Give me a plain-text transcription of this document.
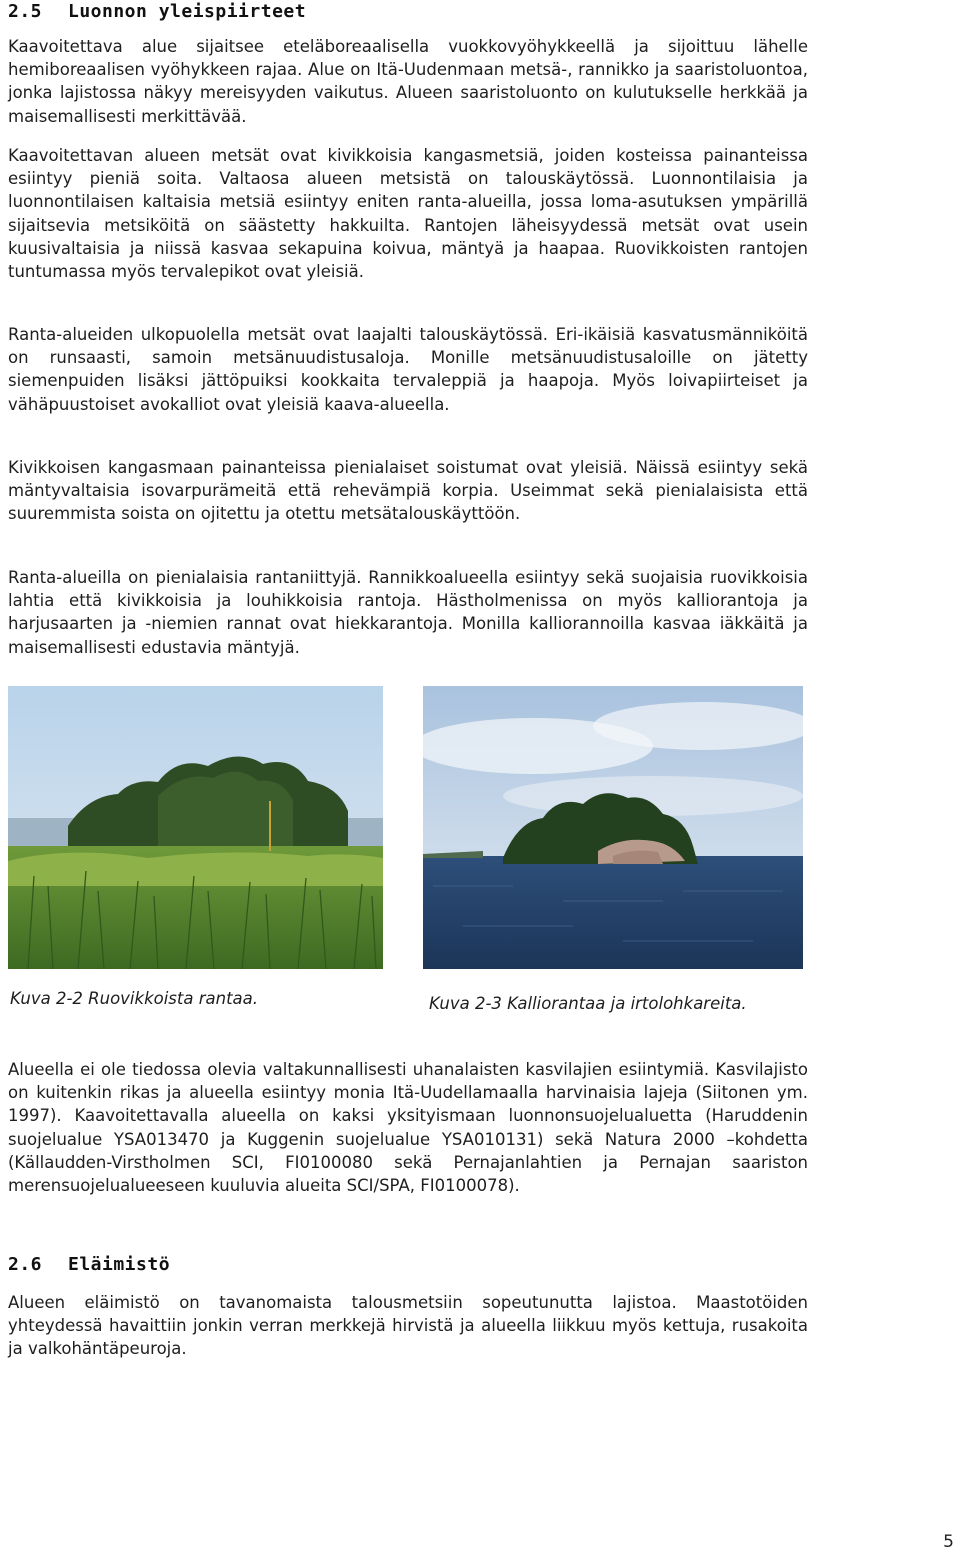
2.5 Luonnon yleispiirteet

Kaavoitettava alue sijaitsee eteläboreaalisella vuokkovyöhykkeellä ja sijoittuu lähelle hemiboreaalisen vyöhykkeen rajaa. Alue on Itä-Uudenmaan metsä-, rannikko ja saaristoluontoa, jonka lajistossa näkyy mereisyyden vaikutus. Alueen saaristoluonto on kulutukselle herkkää ja maisemallisesti merkittävää.

Kaavoitettavan alueen metsät ovat kivikkoisia kangasmetsiä, joiden kosteissa painanteissa esiintyy pieniä soita. Valtaosa alueen metsistä on talouskäytössä. Luonnontilaisia ja luonnontilaisen kaltaisia metsiä esiintyy eniten ranta-alueilla, jossa loma-asutuksen ympärillä sijaitsevia metsiköitä on säästetty hakkuilta. Rantojen läheisyydessä metsät ovat usein kuusivaltaisia ja niissä kasvaa sekapuina koivua, mäntyä ja haapaa. Ruovikkoisten rantojen tuntumassa myös tervalepikot ovat yleisiä.

Ranta-alueiden ulkopuolella metsät ovat laajalti talouskäytössä. Eri-ikäisiä kasvatusmänniköitä on runsaasti, samoin metsänuudistusaloja. Monille metsänuudistusaloille on jätetty siemenpuiden lisäksi jättöpuiksi kookkaita tervaleppiä ja haapoja. Myös loivapiirteiset ja vähäpuustoiset avokalliot ovat yleisiä kaava-alueella.

Kivikkoisen kangasmaan painanteissa pienialaiset soistumat ovat yleisiä. Näissä esiintyy sekä mäntyvaltaisia isovarpurämeitä että rehevämpiä korpia. Useimmat sekä pienialaisista että suuremmista soista on ojitettu ja otettu metsätalouskäyttöön.

Ranta-alueilla on pienialaisia rantaniittyjä. Rannikkoalueella esiintyy sekä suojaisia ruovikkoisia lahtia että kivikkoisia ja louhikkoisia rantoja. Hästholmenissa on myös kalliorantoja ja harjusaarten ja -niemien rannat ovat hiekkarantoja. Monilla kalliorannoilla kasvaa iäkkäitä ja maisemallisesti edustavia mäntyjä.

Kuva 2-2 Ruovikkoista rantaa.	Kuva 2-3 Kalliorantaa ja irtolohkareita.

Alueella ei ole tiedossa olevia valtakunnallisesti uhanalaisten kasvilajien esiintymiä. Kasvilajisto on kuitenkin rikas ja alueella esiintyy monia Itä-Uudellamaalla harvinaisia lajeja (Siitonen ym. 1997). Kaavoitettavalla alueella on kaksi yksityismaan luonnonsuojelualuetta (Haruddenin suojelualue YSA013470 ja Kuggenin suojelualue YSA010131) sekä Natura 2000 –kohdetta (Källaudden-Virstholmen SCI, FI0100080 sekä Pernajanlahtien ja Pernajan saariston merensuojelualueeseen kuuluvia alueita SCI/SPA, FI0100078).

2.6 Eläimistö

Alueen eläimistö on tavanomaista talousmetsiin sopeutunutta lajistoa. Maastotöiden yhteydessä havaittiin jonkin verran merkkejä hirvistä ja alueella liikkuu myös kettuja, rusakoita ja valkohäntäpeuroja.

5
